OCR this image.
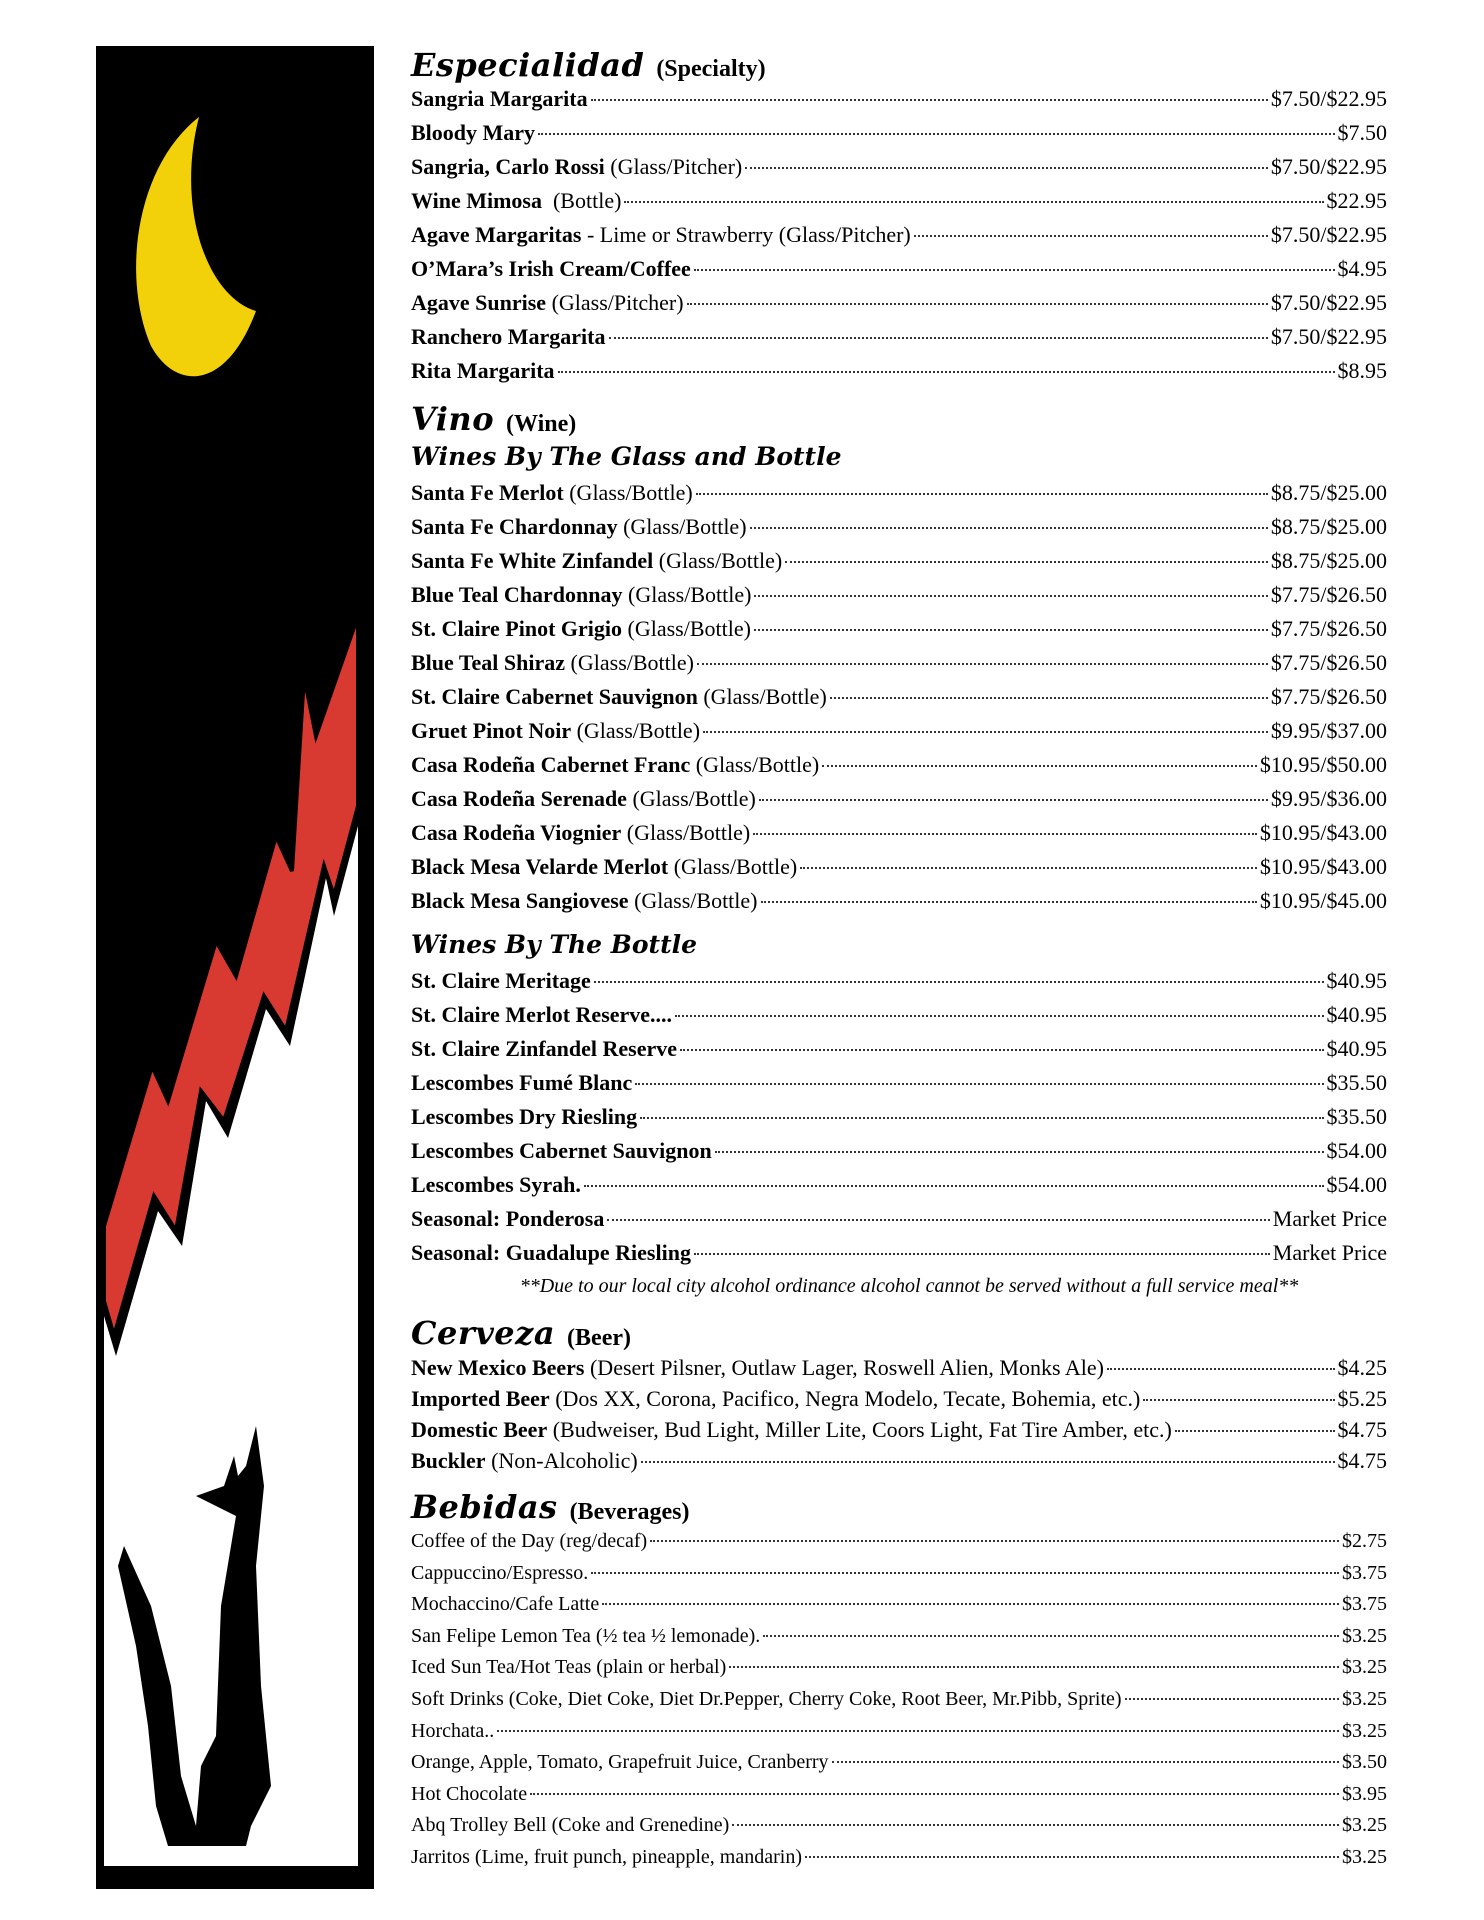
Especialidad (Specialty)
Sangria Margarita	$7.50/$22.95
Bloody Mary	$7.50
Sangria, Carlo Rossi (Glass/Pitcher)	$7.50/$22.95
Wine Mimosa (Bottle)	$22.95
Agave Margaritas - Lime or Strawberry (Glass/Pitcher)	$7.50/$22.95
O’Mara’s Irish Cream/Coffee	$4.95
Agave Sunrise (Glass/Pitcher)	$7.50/$22.95
Ranchero Margarita	$7.50/$22.95
Rita Margarita	$8.95
Vino (Wine)
Wines By The Glass and Bottle
Santa Fe Merlot (Glass/Bottle)	$8.75/$25.00
Santa Fe Chardonnay (Glass/Bottle)	$8.75/$25.00
Santa Fe White Zinfandel (Glass/Bottle)	$8.75/$25.00
Blue Teal Chardonnay (Glass/Bottle)	$7.75/$26.50
St. Claire Pinot Grigio (Glass/Bottle)	$7.75/$26.50
Blue Teal Shiraz (Glass/Bottle)	$7.75/$26.50
St. Claire Cabernet Sauvignon (Glass/Bottle)	$7.75/$26.50
Gruet Pinot Noir (Glass/Bottle)	$9.95/$37.00
Casa Rodeña Cabernet Franc (Glass/Bottle)	$10.95/$50.00
Casa Rodeña Serenade (Glass/Bottle)	$9.95/$36.00
Casa Rodeña Viognier (Glass/Bottle)	$10.95/$43.00
Black Mesa Velarde Merlot (Glass/Bottle)	$10.95/$43.00
Black Mesa Sangiovese (Glass/Bottle)	$10.95/$45.00
Wines By The Bottle
St. Claire Meritage	$40.95
St. Claire Merlot Reserve....	$40.95
St. Claire Zinfandel Reserve	$40.95
Lescombes Fumé Blanc	$35.50
Lescombes Dry Riesling	$35.50
Lescombes Cabernet Sauvignon	$54.00
Lescombes Syrah.	$54.00
Seasonal: Ponderosa	Market Price
Seasonal: Guadalupe Riesling	Market Price
**Due to our local city alcohol ordinance alcohol cannot be served without a full service meal**
Cerveza (Beer)
New Mexico Beers (Desert Pilsner, Outlaw Lager, Roswell Alien, Monks Ale)	$4.25
Imported Beer (Dos XX, Corona, Pacifico, Negra Modelo, Tecate, Bohemia, etc.)	$5.25
Domestic Beer (Budweiser, Bud Light, Miller Lite, Coors Light, Fat Tire Amber, etc.)	$4.75
Buckler (Non-Alcoholic)	$4.75
Bebidas (Beverages)
Coffee of the Day (reg/decaf)	$2.75
Cappuccino/Espresso.	$3.75
Mochaccino/Cafe Latte	$3.75
San Felipe Lemon Tea (½ tea ½ lemonade).	$3.25
Iced Sun Tea/Hot Teas (plain or herbal)	$3.25
Soft Drinks (Coke, Diet Coke, Diet Dr.Pepper, Cherry Coke, Root Beer, Mr.Pibb, Sprite)	$3.25
Horchata..	$3.25
Orange, Apple, Tomato, Grapefruit Juice, Cranberry	$3.50
Hot Chocolate	$3.95
Abq Trolley Bell (Coke and Grenedine)	$3.25
Jarritos (Lime, fruit punch, pineapple, mandarin)	$3.25
